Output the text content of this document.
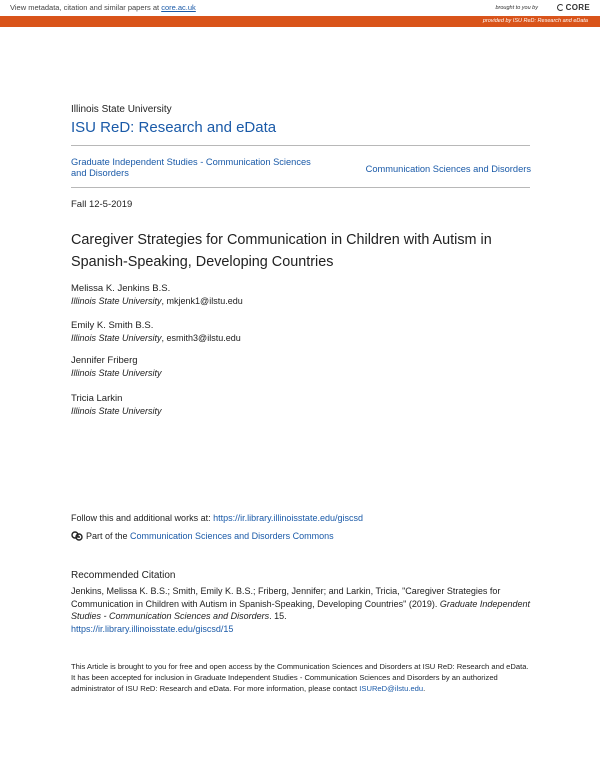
View metadata, citation and similar papers at core.ac.uk	brought to you by	CORE
provided by ISU ReD: Research and eData
Illinois State University
ISU ReD: Research and eData
Graduate Independent Studies - Communication Sciences and Disorders	Communication Sciences and Disorders
Fall 12-5-2019
Caregiver Strategies for Communication in Children with Autism in Spanish-Speaking, Developing Countries
Melissa K. Jenkins B.S.
Illinois State University, mkjenk1@ilstu.edu
Emily K. Smith B.S.
Illinois State University, esmith3@ilstu.edu
Jennifer Friberg
Illinois State University
Tricia Larkin
Illinois State University
Follow this and additional works at: https://ir.library.illinoisstate.edu/giscsd
Part of the Communication Sciences and Disorders Commons
Recommended Citation
Jenkins, Melissa K. B.S.; Smith, Emily K. B.S.; Friberg, Jennifer; and Larkin, Tricia, "Caregiver Strategies for Communication in Children with Autism in Spanish-Speaking, Developing Countries" (2019). Graduate Independent Studies - Communication Sciences and Disorders. 15.
https://ir.library.illinoisstate.edu/giscsd/15
This Article is brought to you for free and open access by the Communication Sciences and Disorders at ISU ReD: Research and eData. It has been accepted for inclusion in Graduate Independent Studies - Communication Sciences and Disorders by an authorized administrator of ISU ReD: Research and eData. For more information, please contact ISUReD@ilstu.edu.
